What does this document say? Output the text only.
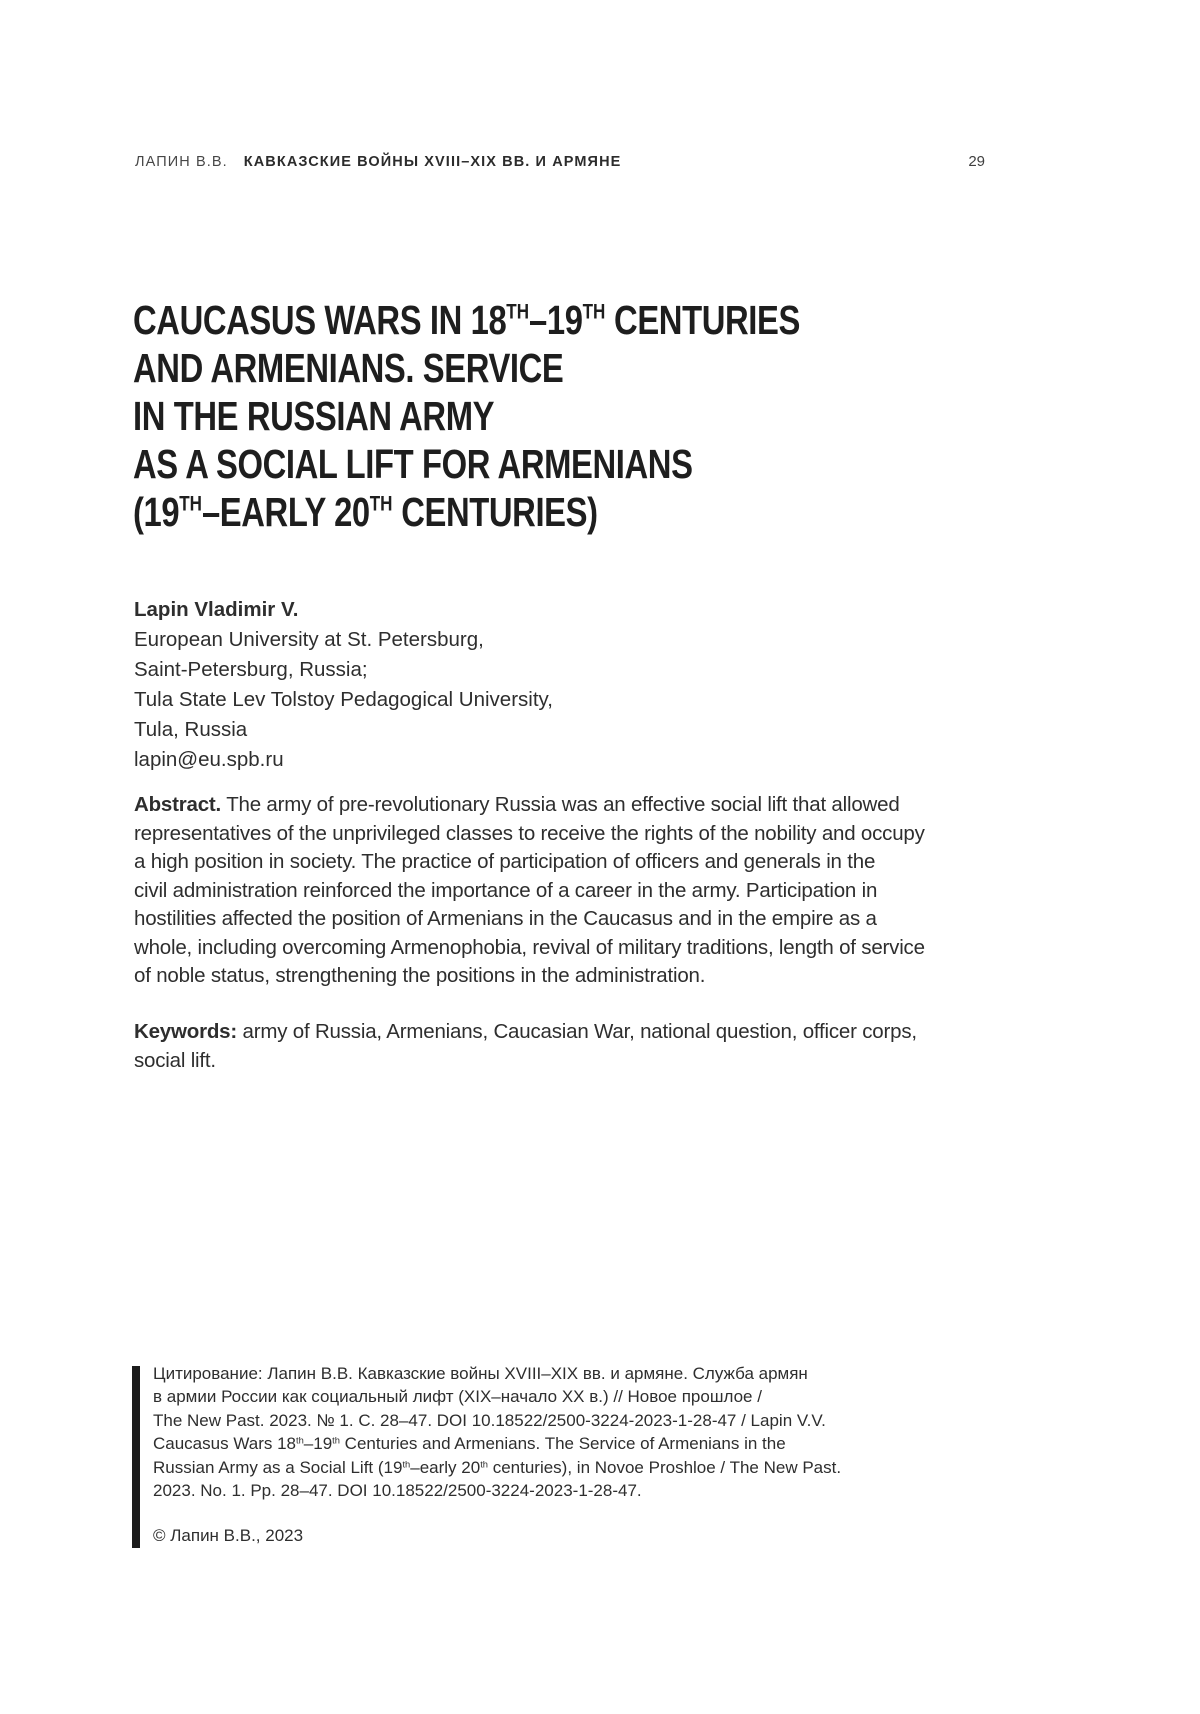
ЛАПИН В.В. КАВКАЗСКИЕ ВОЙНЫ XVIII–XIX ВВ. И АРМЯНЕ	29
CAUCASUS WARS IN 18TH–19TH CENTURIES
AND ARMENIANS. SERVICE
IN THE RUSSIAN ARMY
AS A SOCIAL LIFT FOR ARMENIANS
(19TH–EARLY 20TH CENTURIES)
Lapin Vladimir V.
European University at St. Petersburg,
Saint-Petersburg, Russia;
Tula State Lev Tolstoy Pedagogical University,
Tula, Russia
lapin@eu.spb.ru
Abstract. The army of pre-revolutionary Russia was an effective social lift that allowed
representatives of the unprivileged classes to receive the rights of the nobility and occupy
a high position in society. The practice of participation of officers and generals in the
civil administration reinforced the importance of a career in the army. Participation in
hostilities affected the position of Armenians in the Caucasus and in the empire as a
whole, including overcoming Armenophobia, revival of military traditions, length of service
of noble status, strengthening the positions in the administration.
Keywords: army of Russia, Armenians, Caucasian War, national question, officer corps,
social lift.
Цитирование: Лапин В.В. Кавказские войны XVIII–XIX вв. и армяне. Служба армян
в армии России как социальный лифт (XIX–начало XX в.) // Новое прошлое /
The New Past. 2023. № 1. С. 28–47. DOI 10.18522/2500-3224-2023-1-28-47 / Lapin V.V.
Caucasus Wars 18th–19th Centuries and Armenians. The Service of Armenians in the
Russian Army as a Social Lift (19th–early 20th centuries), in Novoe Proshloe / The New Past.
2023. No. 1. Pp. 28–47. DOI 10.18522/2500-3224-2023-1-28-47.
© Лапин В.В., 2023
